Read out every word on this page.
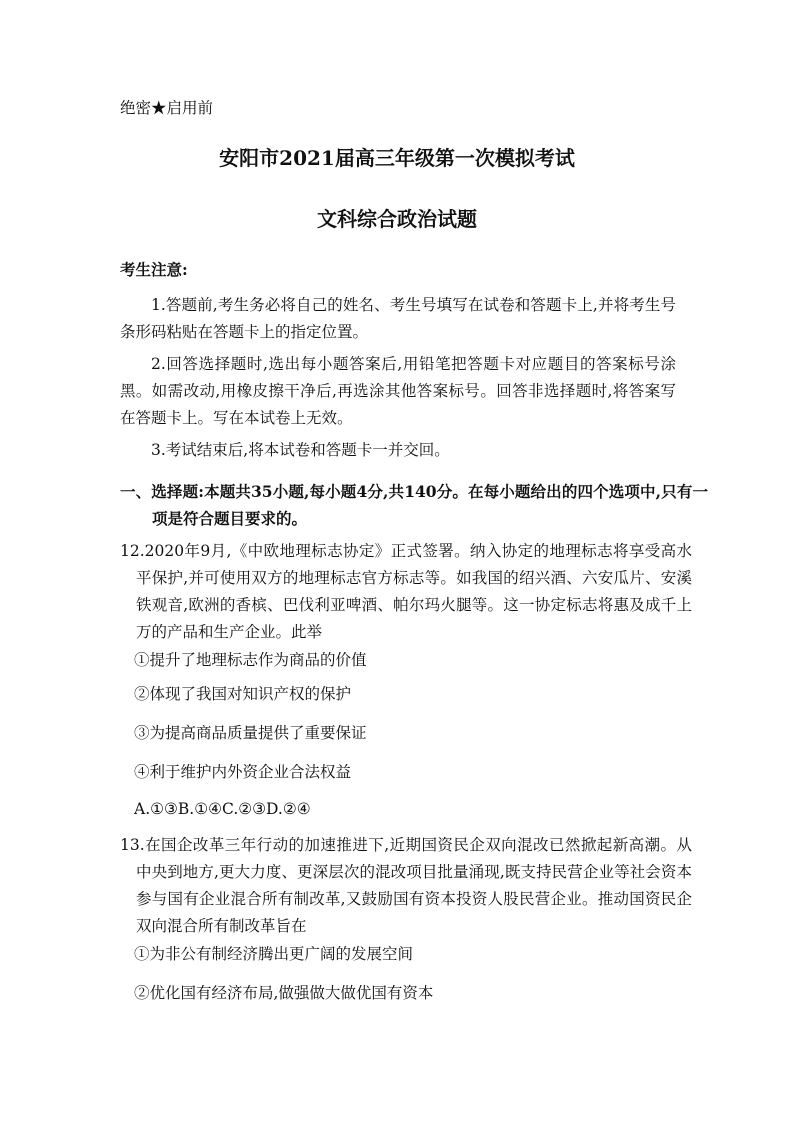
绝密★启用前
安阳市2021届高三年级第一次模拟考试
文科综合政治试题
考生注意:
1.答题前,考生务必将自己的姓名、考生号填写在试卷和答题卡上,并将考生号条形码粘贴在答题卡上的指定位置。
2.回答选择题时,选出每小题答案后,用铅笔把答题卡对应题目的答案标号涂黑。如需改动,用橡皮擦干净后,再选涂其他答案标号。回答非选择题时,将答案写在答题卡上。写在本试卷上无效。
3.考试结束后,将本试卷和答题卡一并交回。
一、选择题:本题共35小题,每小题4分,共140分。在每小题给出的四个选项中,只有一项是符合题目要求的。
12.2020年9月,《中欧地理标志协定》正式签署。纳入协定的地理标志将享受高水平保护,并可使用双方的地理标志官方标志等。如我国的绍兴酒、六安瓜片、安溪铁观音,欧洲的香槟、巴伐利亚啤酒、帕尔玛火腿等。这一协定标志将惠及成千上万的产品和生产企业。此举
①提升了地理标志作为商品的价值
②体现了我国对知识产权的保护
③为提高商品质量提供了重要保证
④利于维护内外资企业合法权益
A.①③B.①④C.②③D.②④
13.在国企改革三年行动的加速推进下,近期国资民企双向混改已然掀起新高潮。从中央到地方,更大力度、更深层次的混改项目批量涌现,既支持民营企业等社会资本参与国有企业混合所有制改革,又鼓励国有资本投资人股民营企业。推动国资民企双向混合所有制改革旨在
①为非公有制经济腾出更广阔的发展空间
②优化国有经济布局,做强做大做优国有资本
